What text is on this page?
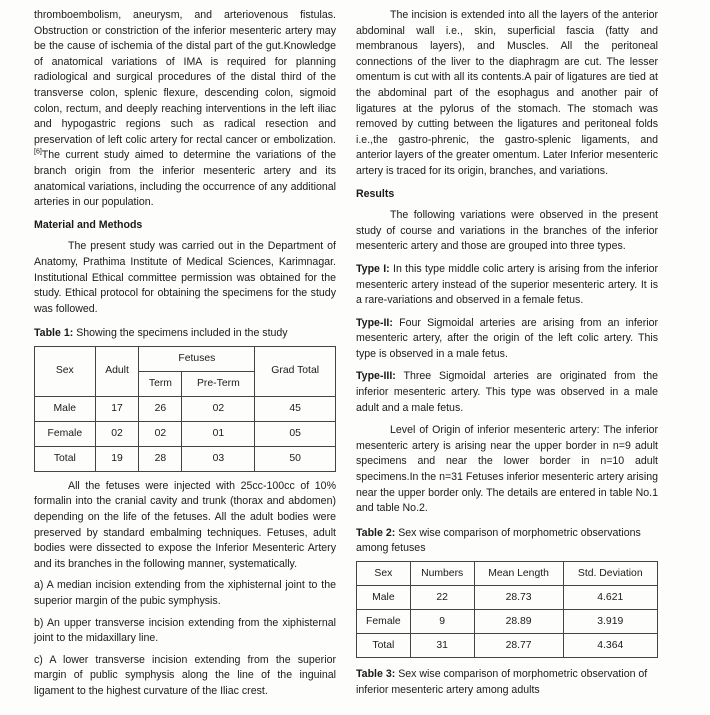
thromboembolism, aneurysm, and arteriovenous fistulas. Obstruction or constriction of the inferior mesenteric artery may be the cause of ischemia of the distal part of the gut.Knowledge of anatomical variations of IMA is required for planning radiological and surgical procedures of the distal third of the transverse colon, splenic flexure, descending colon, sigmoid colon, rectum, and deeply reaching interventions in the left iliac and hypogastric regions such as radical resection and preservation of left colic artery for rectal cancer or embolization. [6]The current study aimed to determine the variations of the branch origin from the inferior mesenteric artery and its anatomical variations, including the occurrence of any additional arteries in our population.

Material and Methods

The present study was carried out in the Department of Anatomy, Prathima Institute of Medical Sciences, Karimnagar. Institutional Ethical committee permission was obtained for the study. Ethical protocol for obtaining the specimens for the study was followed.

Table 1: Showing the specimens included in the study
Sex	Adult	Fetuses		Grad Total
		Term	Pre-Term	
Male	17	26	02	45
Female	02	02	01	05
Total	19	28	03	50

All the fetuses were injected with 25cc-100cc of 10% formalin into the cranial cavity and trunk (thorax and abdomen) depending on the life of the fetuses. All the adult bodies were preserved by standard embalming techniques. Fetuses, adult bodies were dissected to expose the Inferior Mesenteric Artery and its branches in the following manner, systematically.

a) A median incision extending from the xiphisternal joint to the superior margin of the pubic symphysis.

b) An upper transverse incision extending from the xiphisternal joint to the midaxillary line.

c) A lower transverse incision extending from the superior margin of public symphysis along the line of the inguinal ligament to the highest curvature of the Iliac crest.

The incision is extended into all the layers of the anterior abdominal wall i.e., skin, superficial fascia (fatty and membranous layers), and Muscles. All the peritoneal connections of the liver to the diaphragm are cut. The lesser omentum is cut with all its contents.A pair of ligatures are tied at the abdominal part of the esophagus and another pair of ligatures at the pylorus of the stomach. The stomach was removed by cutting between the ligatures and peritoneal folds i.e.,the gastro-phrenic, the gastro-splenic ligaments, and anterior layers of the greater omentum. Later Inferior mesenteric artery is traced for its origin, branches, and variations.

Results

The following variations were observed in the present study of course and variations in the branches of the inferior mesenteric artery and those are grouped into three types.

Type I: In this type middle colic artery is arising from the inferior mesenteric artery instead of the superior mesenteric artery. It is a rare-variations and observed in a female fetus.

Type-II: Four Sigmoidal arteries are arising from an inferior mesenteric artery, after the origin of the left colic artery. This type is observed in a male fetus.

Type-III: Three Sigmoidal arteries are originated from the inferior mesenteric artery. This type was observed in a male adult and a male fetus.

Level of Origin of inferior mesenteric artery: The inferior mesenteric artery is arising near the upper border in n=9 adult specimens and near the lower border in n=10 adult specimens.In the n=31 Fetuses inferior mesenteric artery arising near the upper border only. The details are entered in table No.1 and table No.2.

Table 2: Sex wise comparison of morphometric observations among fetuses
Sex	Numbers	Mean Length	Std. Deviation
Male	22	28.73	4.621
Female	9	28.89	3.919
Total	31	28.77	4.364
Table 3: Sex wise comparison of morphometric observation of inferior mesenteric artery among adults
